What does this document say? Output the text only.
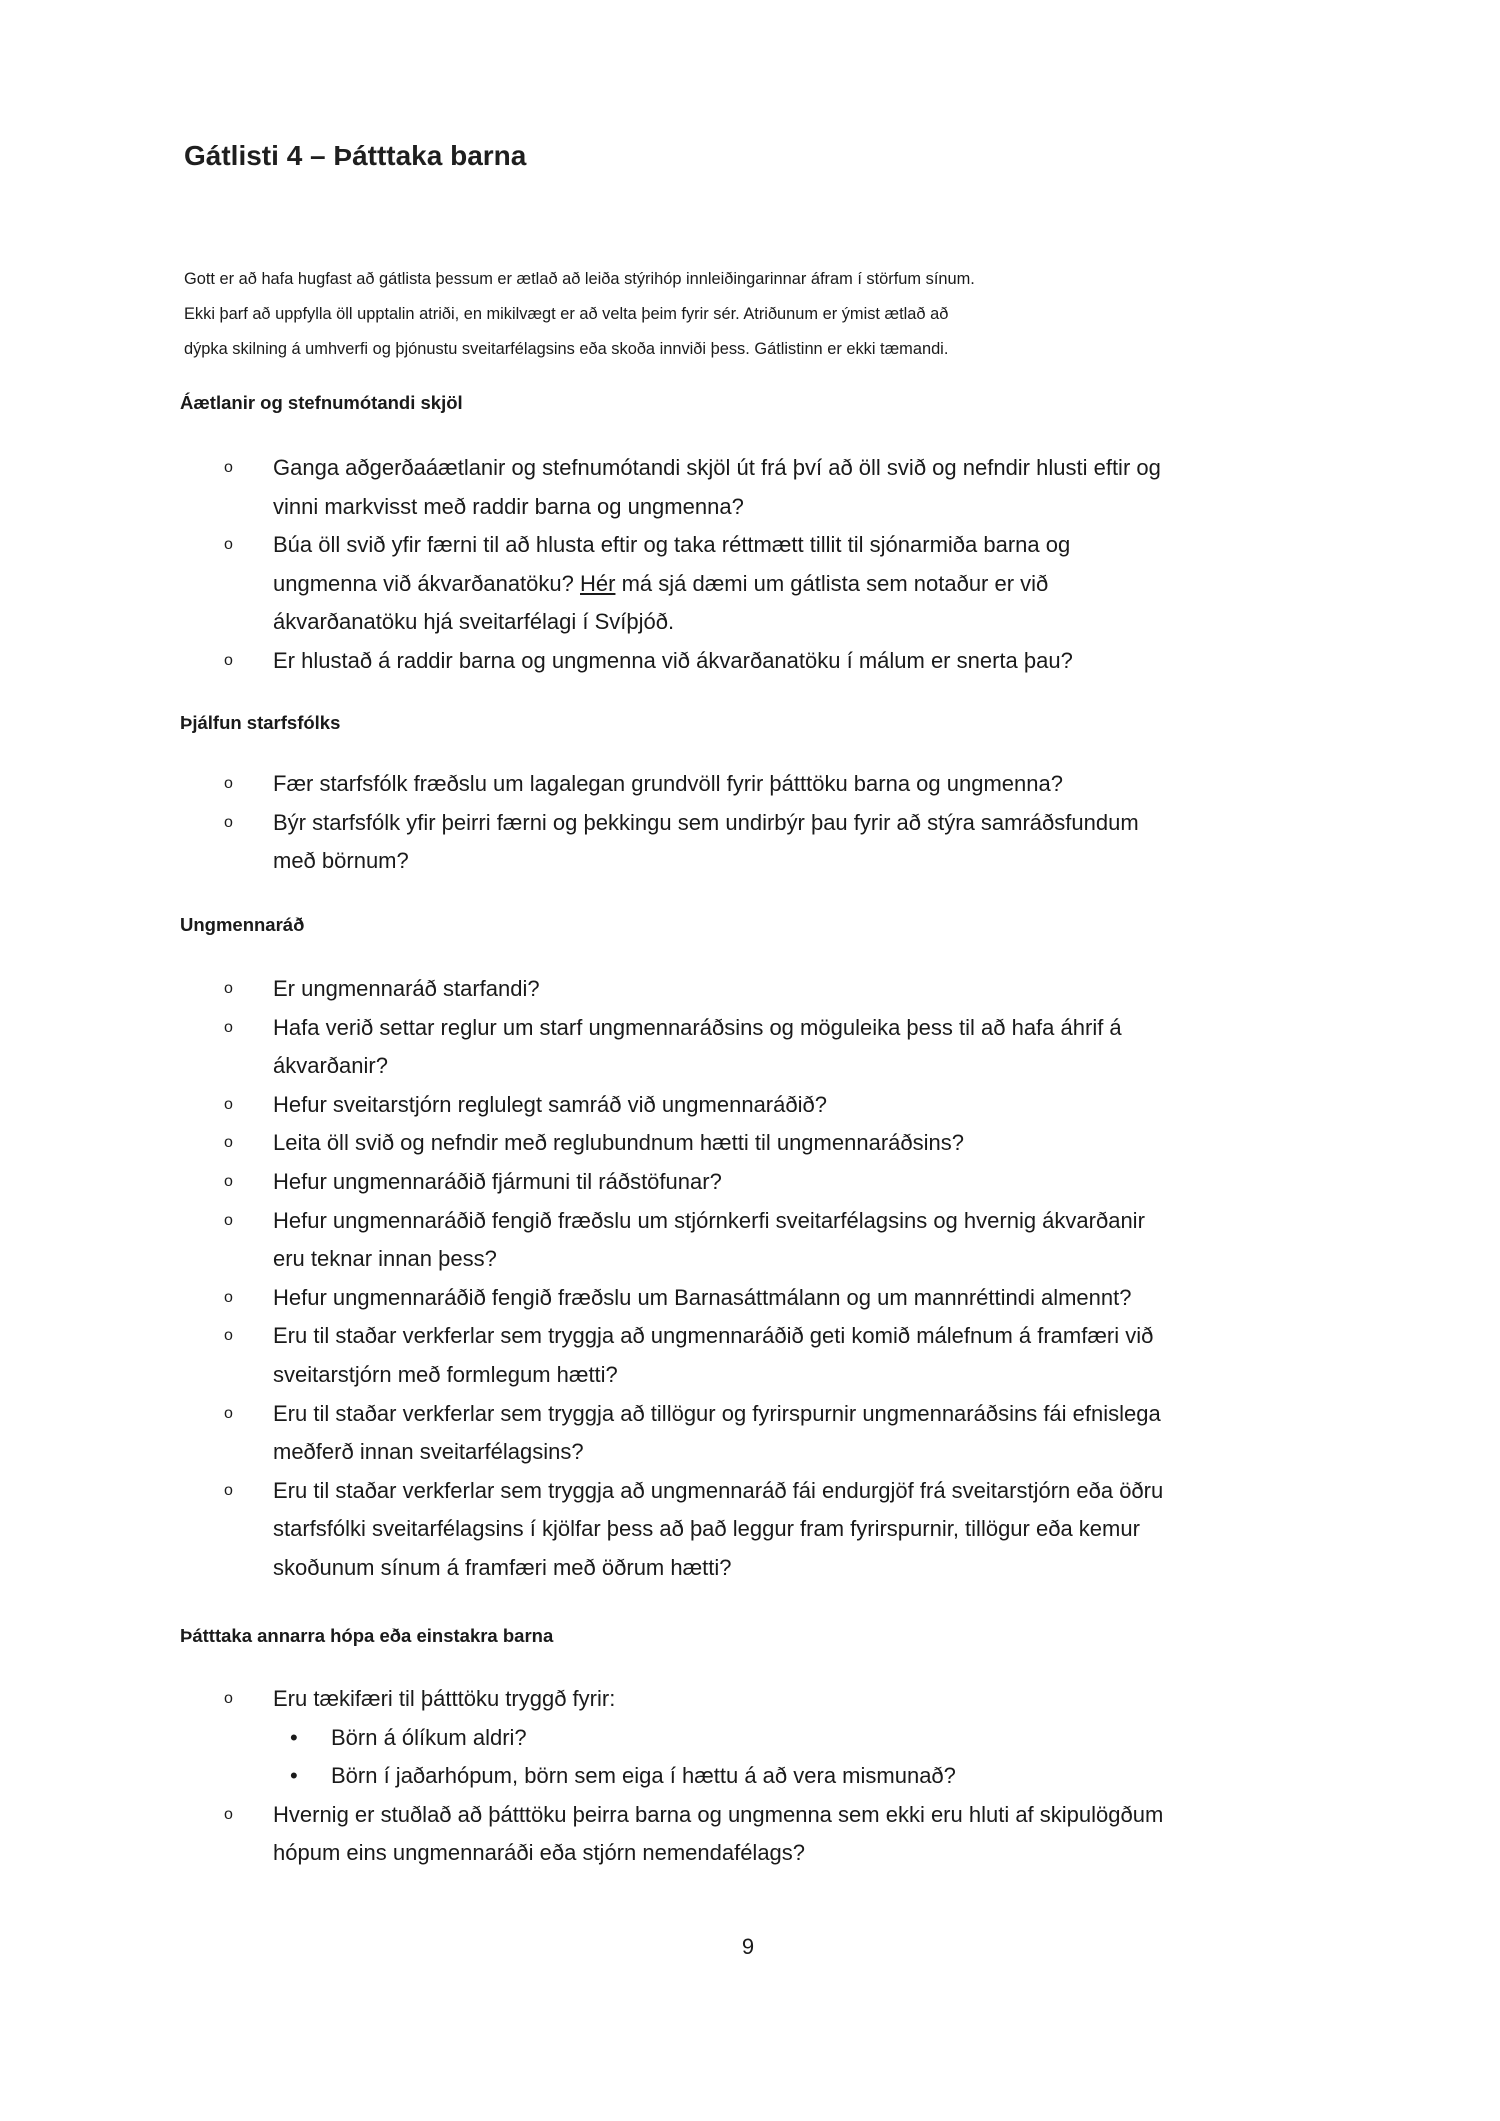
Gátlisti 4 – Þátttaka barna
Gott er að hafa hugfast að gátlista þessum er ætlað að leiða stýrihóp innleiðingarinnar áfram í störfum sínum.
Ekki þarf að uppfylla öll upptalin atriði, en mikilvægt er að velta þeim fyrir sér. Atriðunum er ýmist ætlað að
dýpka skilning á umhverfi og þjónustu sveitarfélagsins eða skoða innviði þess. Gátlistinn er ekki tæmandi.
Áætlanir og stefnumótandi skjöl
o Ganga aðgerðaáætlanir og stefnumótandi skjöl út frá því að öll svið og nefndir hlusti eftir og
vinni markvisst með raddir barna og ungmenna?
o Búa öll svið yfir færni til að hlusta eftir og taka réttmætt tillit til sjónarmiða barna og
ungmenna við ákvarðanatöku? Hér má sjá dæmi um gátlista sem notaður er við
ákvarðanatöku hjá sveitarfélagi í Svíþjóð.
o Er hlustað á raddir barna og ungmenna við ákvarðanatöku í málum er snerta þau?
Þjálfun starfsfólks
o Fær starfsfólk fræðslu um lagalegan grundvöll fyrir þátttöku barna og ungmenna?
o Býr starfsfólk yfir þeirri færni og þekkingu sem undirbýr þau fyrir að stýra samráðsfundum
með börnum?
Ungmennaráð
o Er ungmennaráð starfandi?
o Hafa verið settar reglur um starf ungmennaráðsins og möguleika þess til að hafa áhrif á
ákvarðanir?
o Hefur sveitarstjórn reglulegt samráð við ungmennaráðið?
o Leita öll svið og nefndir með reglubundnum hætti til ungmennaráðsins?
o Hefur ungmennaráðið fjármuni til ráðstöfunar?
o Hefur ungmennaráðið fengið fræðslu um stjórnkerfi sveitarfélagsins og hvernig ákvarðanir
eru teknar innan þess?
o Hefur ungmennaráðið fengið fræðslu um Barnasáttmálann og um mannréttindi almennt?
o Eru til staðar verkferlar sem tryggja að ungmennaráðið geti komið málefnum á framfæri við
sveitarstjórn með formlegum hætti?
o Eru til staðar verkferlar sem tryggja að tillögur og fyrirspurnir ungmennaráðsins fái efnislega
meðferð innan sveitarfélagsins?
o Eru til staðar verkferlar sem tryggja að ungmennaráð fái endurgjöf frá sveitarstjórn eða öðru
starfsfólki sveitarfélagsins í kjölfar þess að það leggur fram fyrirspurnir, tillögur eða kemur
skoðunum sínum á framfæri með öðrum hætti?
Þátttaka annarra hópa eða einstakra barna
o Eru tækifæri til þátttöku tryggð fyrir:
• Börn á ólíkum aldri?
• Börn í jaðarhópum, börn sem eiga í hættu á að vera mismunað?
o Hvernig er stuðlað að þátttöku þeirra barna og ungmenna sem ekki eru hluti af skipulögðum
hópum eins ungmennaráði eða stjórn nemendafélags?
9
